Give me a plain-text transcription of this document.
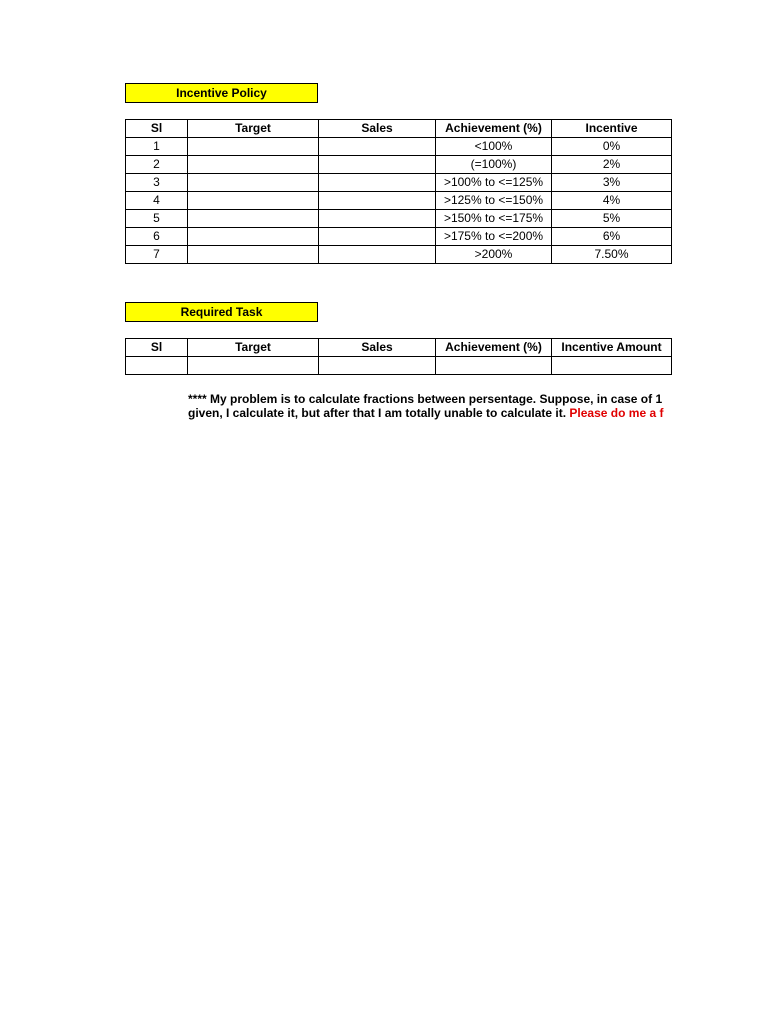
Incentive Policy
Sl	Target	Sales	Achievement (%)	Incentive
1			<100%	0%
2			(=100%)	2%
3			>100% to <=125%	3%
4			>125% to <=150%	4%
5			>150% to <=175%	5%
6			>175% to <=200%	6%
7			>200%	7.50%
Required Task
Sl	Target	Sales	Achievement (%)	Incentive Amount

**** My problem is to calculate fractions between persentage. Suppose, in case of 1
given, I calculate it, but after that I am totally unable to calculate it. Please do me a f
